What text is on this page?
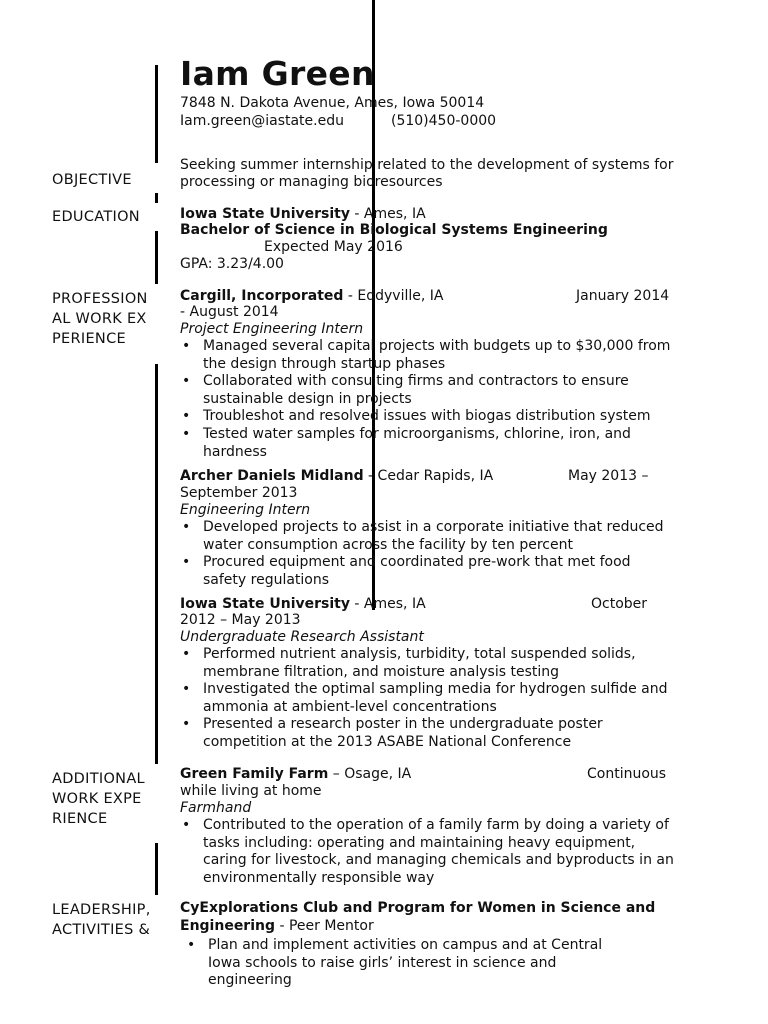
Iam Green
7848 N. Dakota Avenue, Ames, Iowa 50014
Iam.green@iastate.edu	(510)450-0000
OBJECTIVE
EDUCATION
PROFESSIONAL WORK EXPERIENCE
ADDITIONAL WORK EXPERIENCE
LEADERSHIP, ACTIVITIES &
Seeking summer internship related to the development of systems for
processing or managing bioresources
Iowa State University - Ames, IA
Bachelor of Science in Biological Systems Engineering
Expected May 2016
GPA: 3.23/4.00
Cargill, Incorporated - Eddyville, IA	January 2014
- August 2014
Project Engineering Intern
• Managed several capital projects with budgets up to $30,000 from the design through startup phases
• Collaborated with consulting firms and contractors to ensure sustainable design in projects
• Troubleshot and resolved issues with biogas distribution system
• Tested water samples for microorganisms, chlorine, iron, and hardness
Archer Daniels Midland - Cedar Rapids, IA	May 2013 –
September 2013
Engineering Intern
• Developed projects to assist in a corporate initiative that reduced water consumption across the facility by ten percent
• Procured equipment and coordinated pre-work that met food safety regulations
Iowa State University - Ames, IA	October
2012 – May 2013
Undergraduate Research Assistant
• Performed nutrient analysis, turbidity, total suspended solids, membrane filtration, and moisture analysis testing
• Investigated the optimal sampling media for hydrogen sulfide and ammonia at ambient-level concentrations
• Presented a research poster in the undergraduate poster competition at the 2013 ASABE National Conference
Green Family Farm – Osage, IA	Continuous
while living at home
Farmhand
• Contributed to the operation of a family farm by doing a variety of tasks including: operating and maintaining heavy equipment, caring for livestock, and managing chemicals and byproducts in an environmentally responsible way
CyExplorations Club and Program for Women in Science and Engineering - Peer Mentor
• Plan and implement activities on campus and at Central Iowa schools to raise girls’ interest in science and engineering
